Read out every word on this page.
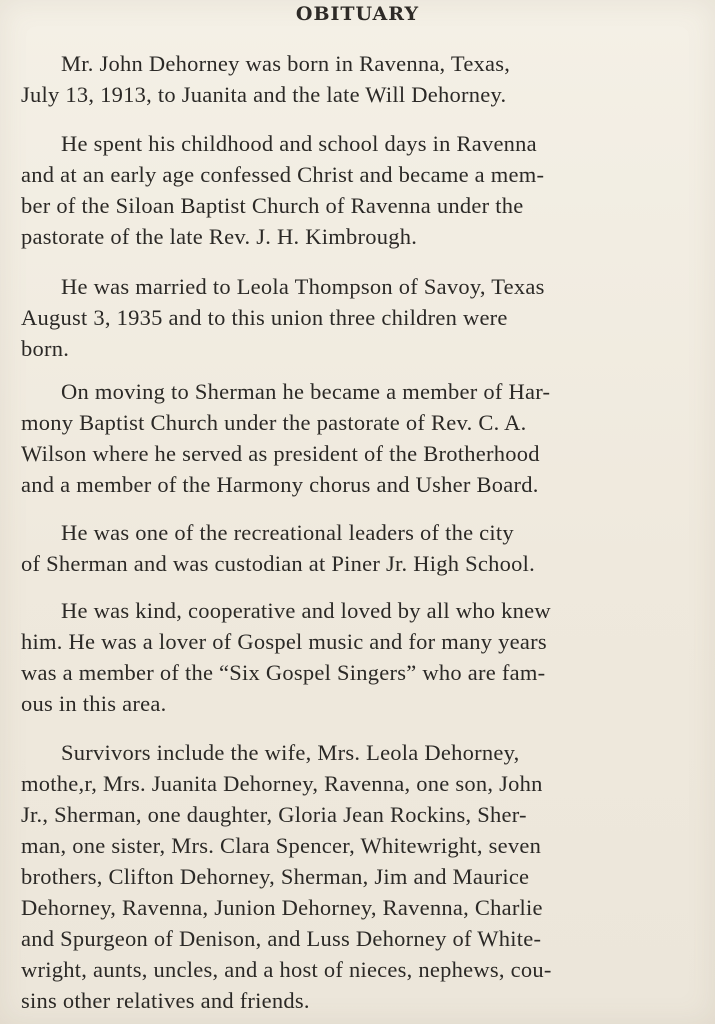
OBITUARY
Mr. John Dehorney was born in Ravenna, Texas,
July 13, 1913, to Juanita and the late Will Dehorney.
He spent his childhood and school days in Ravenna
and at an early age confessed Christ and became a mem-
ber of the Siloan Baptist Church of Ravenna under the
pastorate of the late Rev. J. H. Kimbrough.
He was married to Leola Thompson of Savoy, Texas
August 3, 1935 and to this union three children were
born.
On moving to Sherman he became a member of Har-
mony Baptist Church under the pastorate of Rev. C. A.
Wilson where he served as president of the Brotherhood
and a member of the Harmony chorus and Usher Board.
He was one of the recreational leaders of the city
of Sherman and was custodian at Piner Jr. High School.
He was kind, cooperative and loved by all who knew
him. He was a lover of Gospel music and for many years
was a member of the “Six Gospel Singers” who are fam-
ous in this area.
Survivors include the wife, Mrs. Leola Dehorney,
mothe,r, Mrs. Juanita Dehorney, Ravenna, one son, John
Jr., Sherman, one daughter, Gloria Jean Rockins, Sher-
man, one sister, Mrs. Clara Spencer, Whitewright, seven
brothers, Clifton Dehorney, Sherman, Jim and Maurice
Dehorney, Ravenna, Junion Dehorney, Ravenna, Charlie
and Spurgeon of Denison, and Luss Dehorney of White-
wright, aunts, uncles, and a host of nieces, nephews, cou-
sins other relatives and friends.
